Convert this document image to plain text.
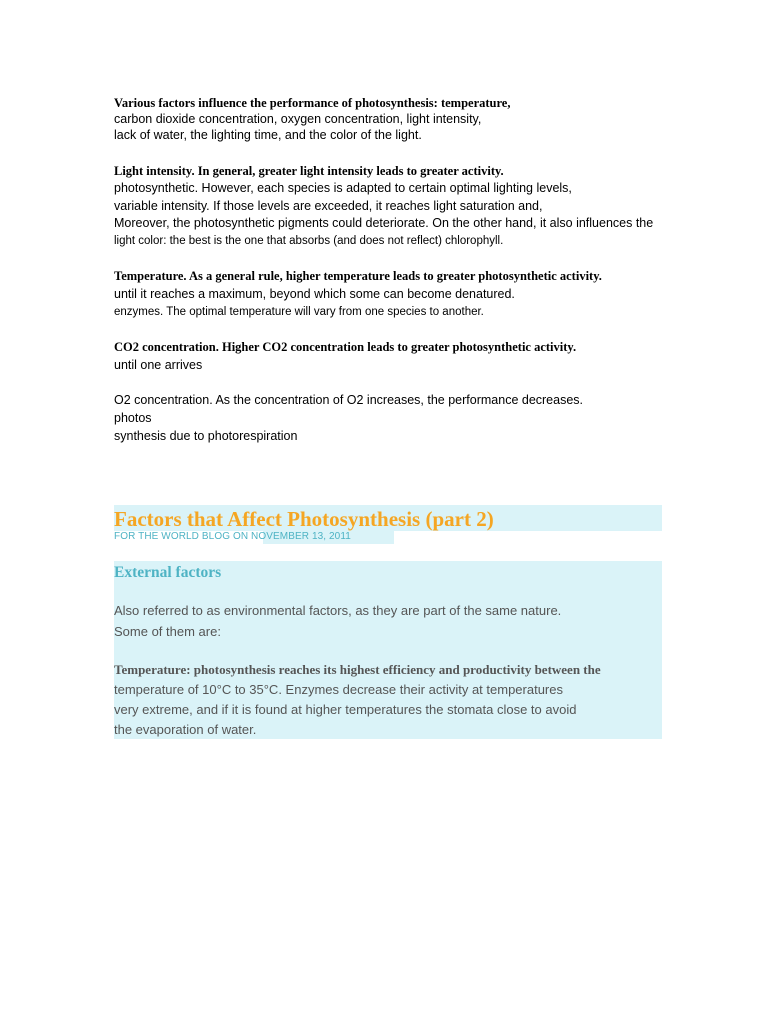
Various factors influence the performance of photosynthesis: temperature,
carbon dioxide concentration, oxygen concentration, light intensity,
lack of water, the lighting time, and the color of the light.
Light intensity. In general, greater light intensity leads to greater activity.
photosynthetic. However, each species is adapted to certain optimal lighting levels,
variable intensity. If those levels are exceeded, it reaches light saturation and,
Moreover, the photosynthetic pigments could deteriorate. On the other hand, it also influences the
light color: the best is the one that absorbs (and does not reflect) chlorophyll.
Temperature. As a general rule, higher temperature leads to greater photosynthetic activity.
until it reaches a maximum, beyond which some can become denatured.
enzymes. The optimal temperature will vary from one species to another.
CO2 concentration. Higher CO2 concentration leads to greater photosynthetic activity.
until one arrives
O2 concentration. As the concentration of O2 increases, the performance decreases.
photos
synthesis due to photorespiration
Factors that Affect Photosynthesis (part 2)
FOR THE WORLD BLOG ON NOVEMBER 13, 2011
External factors
Also referred to as environmental factors, as they are part of the same nature.
Some of them are:
Temperature: photosynthesis reaches its highest efficiency and productivity between the
temperature of 10°C to 35°C. Enzymes decrease their activity at temperatures
very extreme, and if it is found at higher temperatures the stomata close to avoid
the evaporation of water.
